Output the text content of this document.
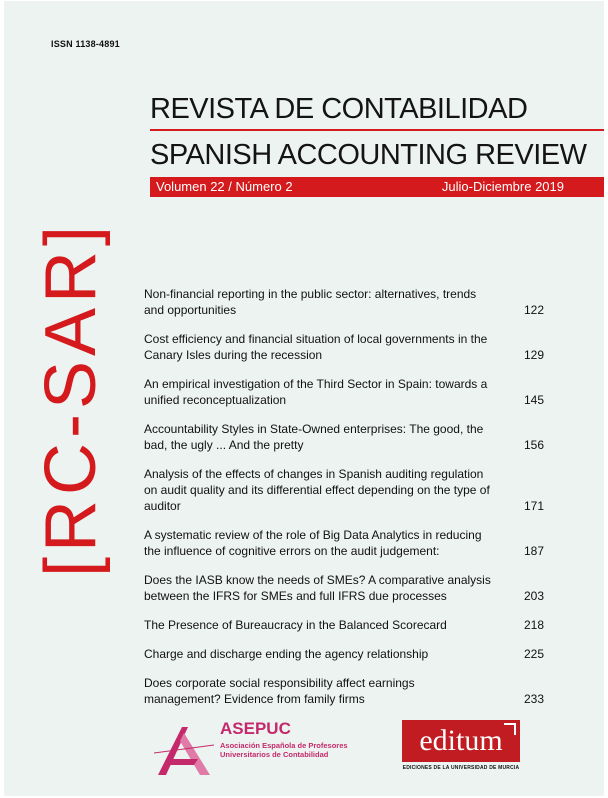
ISSN 1138-4891
[RC-SAR]
REVISTA DE CONTABILIDAD
SPANISH ACCOUNTING REVIEW
Volumen 22 / Número 2	Julio-Diciembre 2019
Non-financial reporting in the public sector: alternatives, trends and opportunities	122
Cost efficiency and financial situation of local governments in the Canary Isles during the recession	129
An empirical investigation of the Third Sector in Spain: towards a unified reconceptualization	145
Accountability Styles in State-Owned enterprises: The good, the bad, the ugly ... And the pretty	156
Analysis of the effects of changes in Spanish auditing regulation on audit quality and its differential effect depending on the type of auditor	171
A systematic review of the role of Big Data Analytics in reducing the influence of cognitive errors on the audit judgement:	187
Does the IASB know the needs of SMEs? A comparative analysis between the IFRS for SMEs and full IFRS due processes	203
The Presence of Bureaucracy in the Balanced Scorecard	218
Charge and discharge ending the agency relationship	225
Does corporate social responsibility affect earnings management? Evidence from family firms	233
ASEPUC
Asociación Española de Profesores Universitarios de Contabilidad	editum
EDICIONES DE LA UNIVERSIDAD DE MURCIA
